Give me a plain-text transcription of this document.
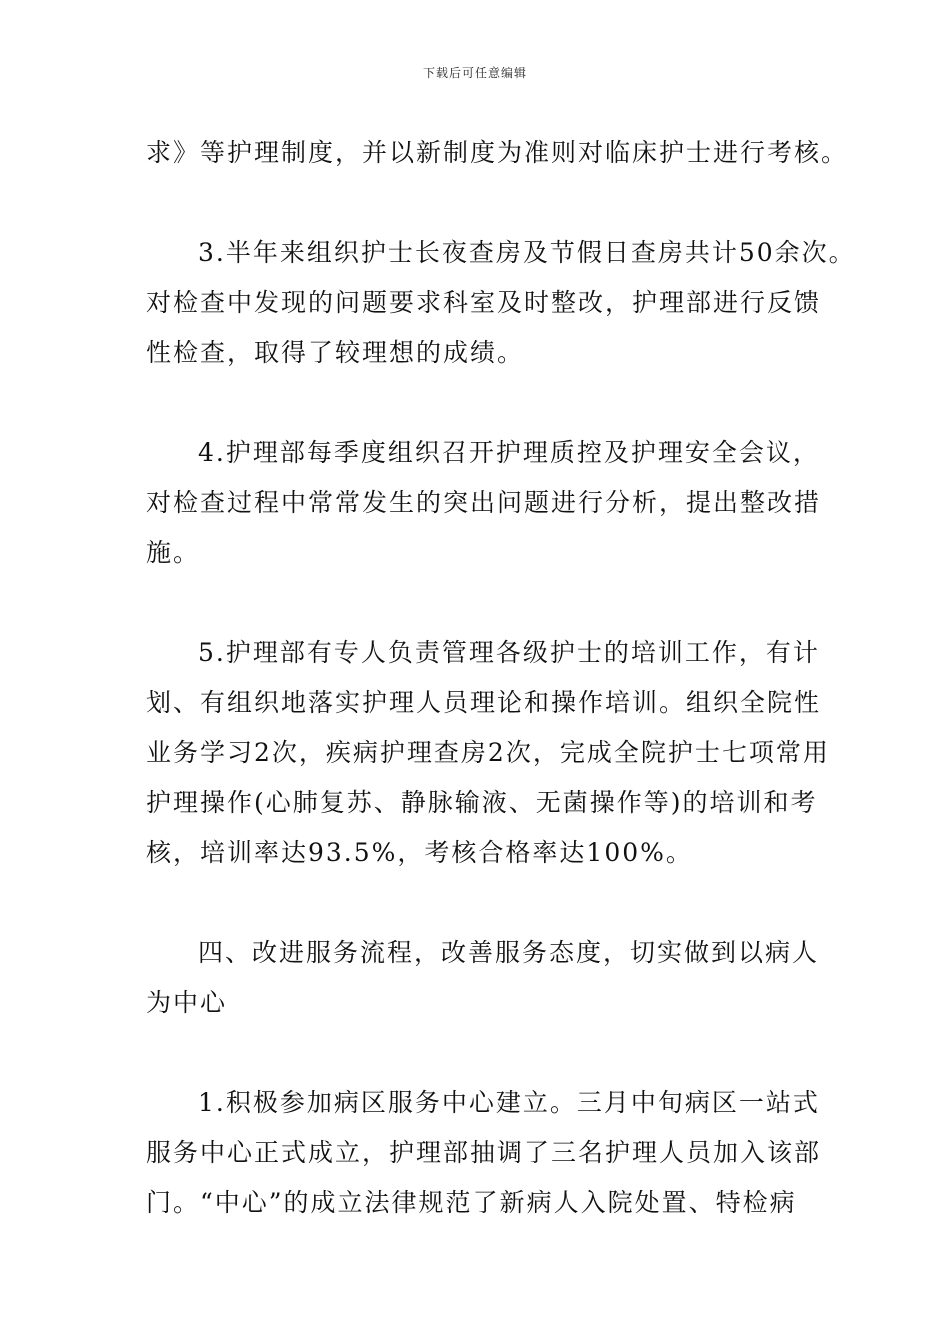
下载后可任意编辑

求》等护理制度，并以新制度为准则对临床护士进行考核。

3.半年来组织护士长夜查房及节假日查房共计50余次。
对检查中发现的问题要求科室及时整改，护理部进行反馈
性检查，取得了较理想的成绩。

4.护理部每季度组织召开护理质控及护理安全会议，
对检查过程中常常发生的突出问题进行分析，提出整改措
施。

5.护理部有专人负责管理各级护士的培训工作，有计
划、有组织地落实护理人员理论和操作培训。组织全院性
业务学习2次，疾病护理查房2次，完成全院护士七项常用
护理操作(心肺复苏、静脉输液、无菌操作等)的培训和考
核，培训率达93.5%，考核合格率达100%。

四、改进服务流程，改善服务态度，切实做到以病人
为中心

1.积极参加病区服务中心建立。三月中旬病区一站式
服务中心正式成立，护理部抽调了三名护理人员加入该部
门。“中心”的成立法律规范了新病人入院处置、特检病
